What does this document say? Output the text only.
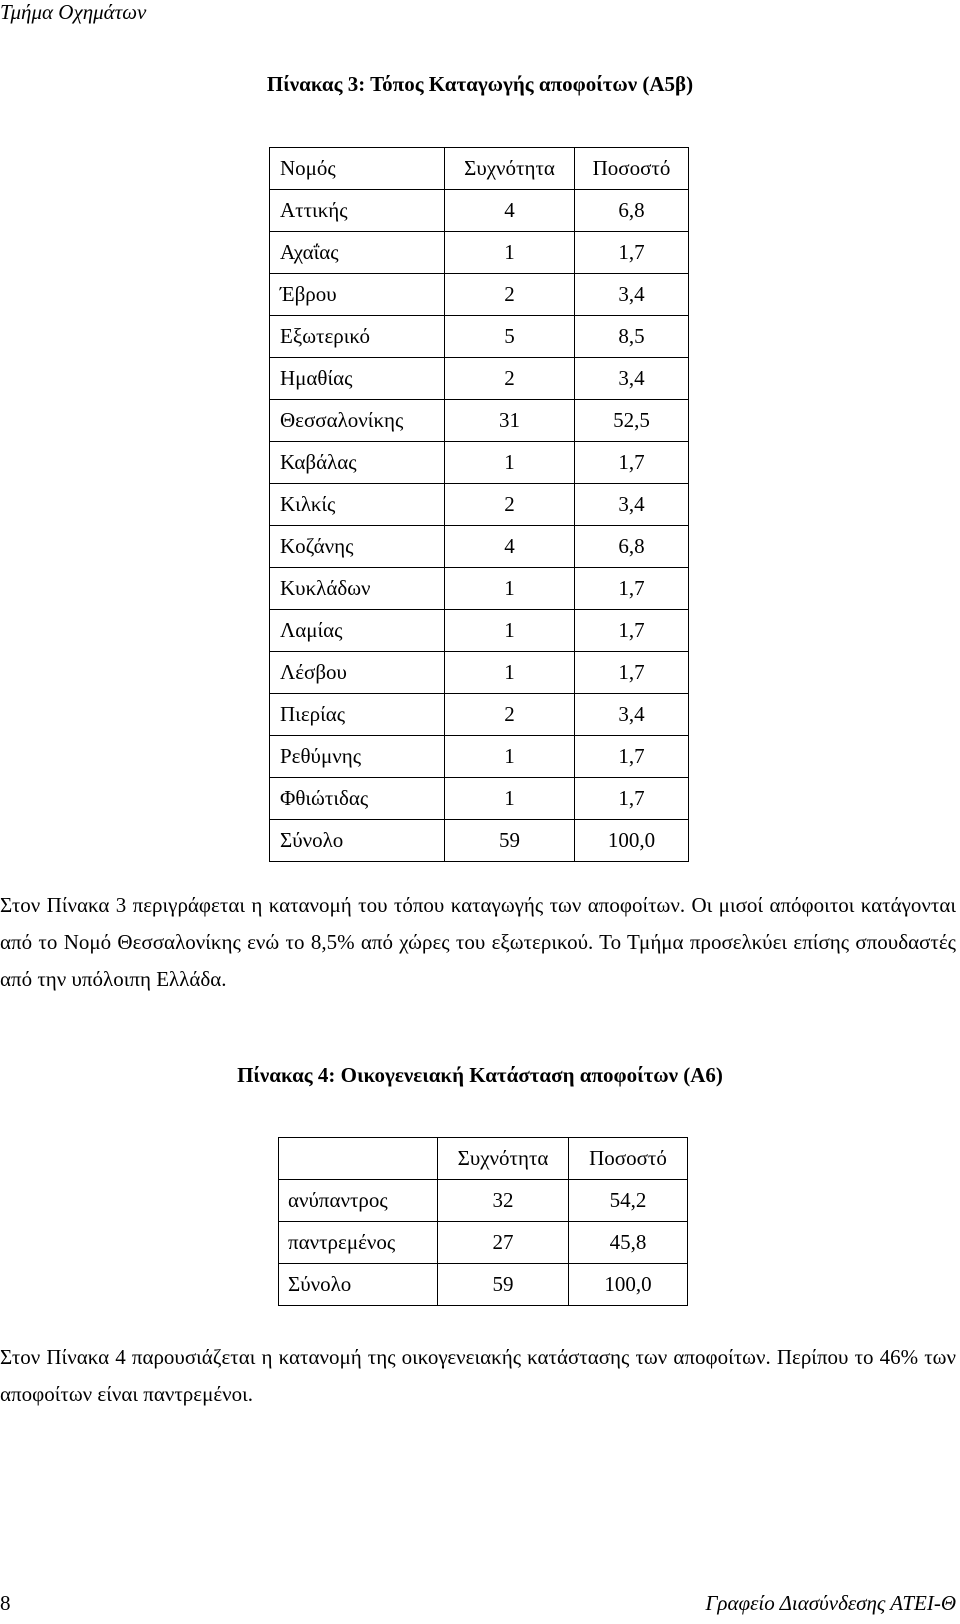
Τμήμα Οχημάτων
Πίνακας 3: Τόπος Καταγωγής αποφοίτων (Α5β)
Νομός	Συχνότητα	Ποσοστό
Αττικής	4	6,8
Αχαΐας	1	1,7
Έβρου	2	3,4
Εξωτερικό	5	8,5
Ημαθίας	2	3,4
Θεσσαλονίκης	31	52,5
Καβάλας	1	1,7
Κιλκίς	2	3,4
Κοζάνης	4	6,8
Κυκλάδων	1	1,7
Λαμίας	1	1,7
Λέσβου	1	1,7
Πιερίας	2	3,4
Ρεθύμνης	1	1,7
Φθιώτιδας	1	1,7
Σύνολο	59	100,0
Στον Πίνακα 3 περιγράφεται η κατανομή του τόπου καταγωγής των αποφοίτων. Οι μισοί απόφοιτοι κατάγονται από το Νομό Θεσσαλονίκης ενώ το 8,5% από χώρες του εξωτερικού. Το Τμήμα προσελκύει επίσης σπουδαστές από την υπόλοιπη Ελλάδα.
Πίνακας 4: Οικογενειακή Κατάσταση αποφοίτων (Α6)
	Συχνότητα	Ποσοστό
ανύπαντρος	32	54,2
παντρεμένος	27	45,8
Σύνολο	59	100,0
Στον Πίνακα 4 παρουσιάζεται η κατανομή της οικογενειακής κατάστασης των αποφοίτων. Περίπου το 46% των αποφοίτων είναι παντρεμένοι.
8	Γραφείο Διασύνδεσης ΑΤΕΙ-Θ
